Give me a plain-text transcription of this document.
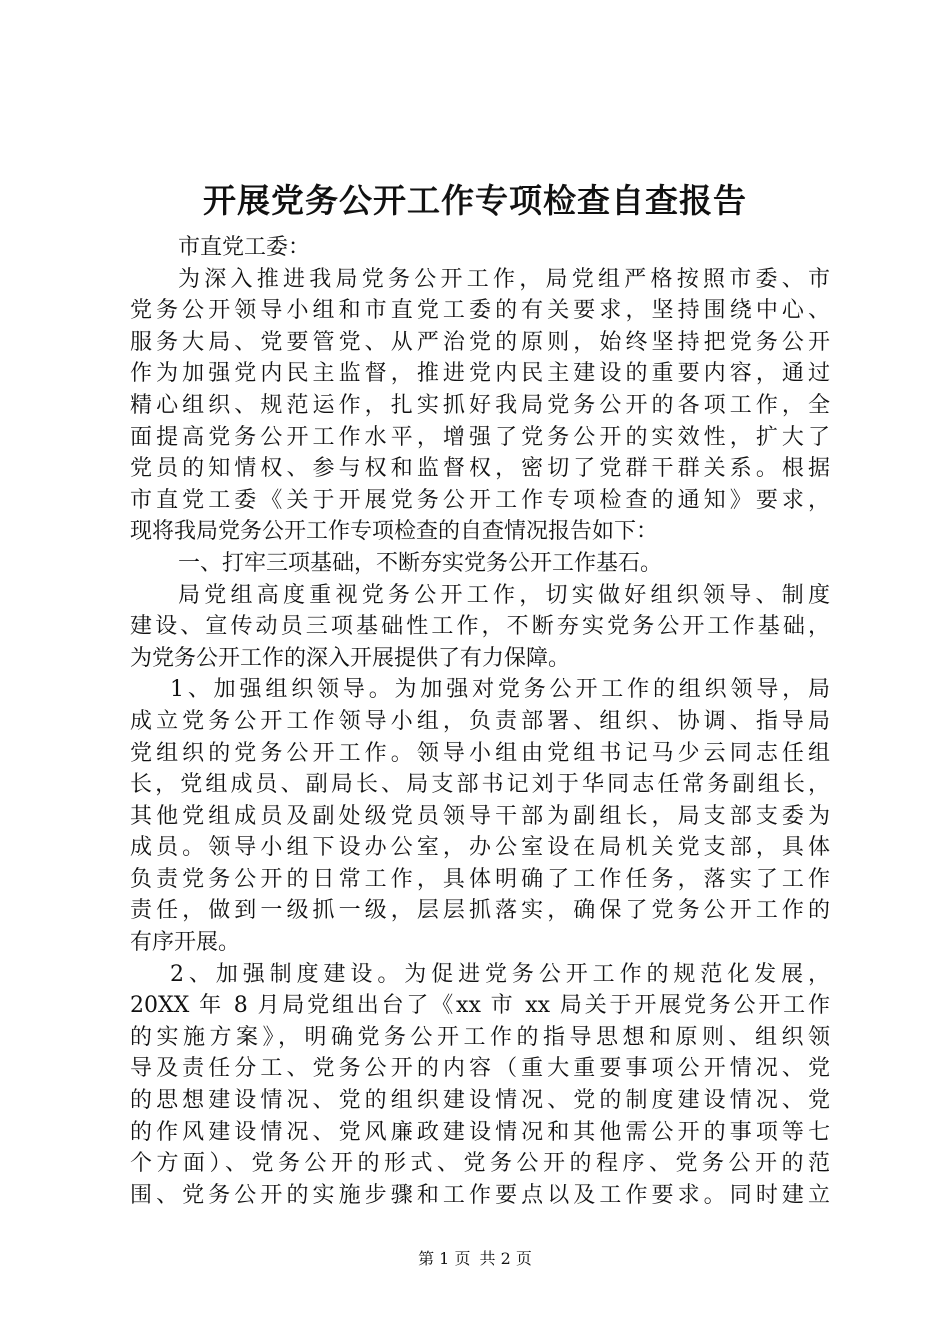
开展党务公开工作专项检查自查报告
市直党工委：
为深入推进我局党务公开工作，局党组严格按照市委、市
党务公开领导小组和市直党工委的有关要求，坚持围绕中心、
服务大局、党要管党、从严治党的原则，始终坚持把党务公开
作为加强党内民主监督，推进党内民主建设的重要内容，通过
精心组织、规范运作，扎实抓好我局党务公开的各项工作，全
面提高党务公开工作水平，增强了党务公开的实效性，扩大了
党员的知情权、参与权和监督权，密切了党群干群关系。根据
市直党工委《关于开展党务公开工作专项检查的通知》要求，
现将我局党务公开工作专项检查的自查情况报告如下：
一、打牢三项基础，不断夯实党务公开工作基石。
局党组高度重视党务公开工作，切实做好组织领导、制度
建设、宣传动员三项基础性工作，不断夯实党务公开工作基础，
为党务公开工作的深入开展提供了有力保障。
1、加强组织领导。为加强对党务公开工作的组织领导，局
成立党务公开工作领导小组，负责部署、组织、协调、指导局
党组织的党务公开工作。领导小组由党组书记马少云同志任组
长，党组成员、副局长、局支部书记刘于华同志任常务副组长，
其他党组成员及副处级党员领导干部为副组长，局支部支委为
成员。领导小组下设办公室，办公室设在局机关党支部，具体
负责党务公开的日常工作，具体明确了工作任务，落实了工作
责任，做到一级抓一级，层层抓落实，确保了党务公开工作的
有序开展。
2、加强制度建设。为促进党务公开工作的规范化发展，
20XX 年 8 月局党组出台了《xx 市 xx 局关于开展党务公开工作
的实施方案》，明确党务公开工作的指导思想和原则、组织领
导及责任分工、党务公开的内容（重大重要事项公开情况、党
的思想建设情况、党的组织建设情况、党的制度建设情况、党
的作风建设情况、党风廉政建设情况和其他需公开的事项等七
个方面）、党务公开的形式、党务公开的程序、党务公开的范
围、党务公开的实施步骤和工作要点以及工作要求。同时建立
第 1 页 共 2 页
